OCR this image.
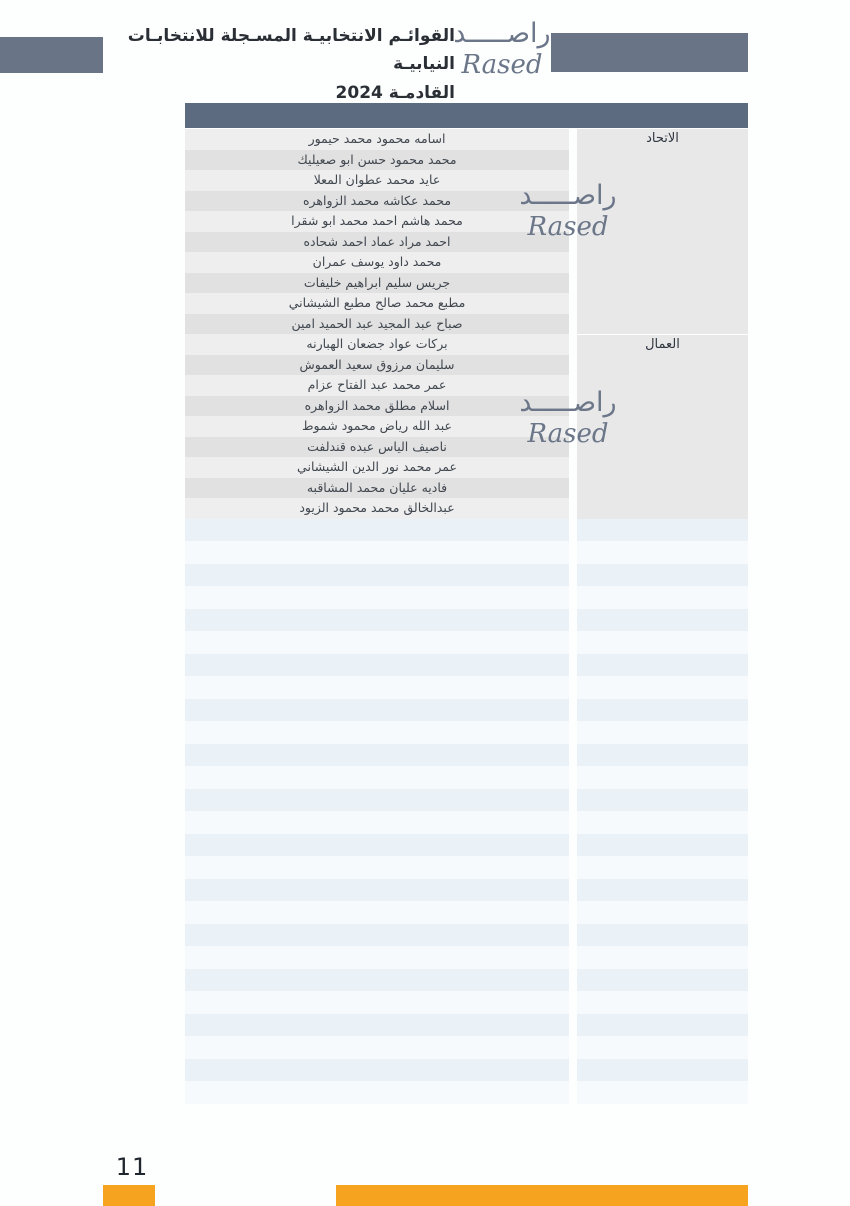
القوائـم الانتخابيـة المسـجلة للانتخابـات النيابيـة
القادمـة 2024
راصـــــد
Rased
اسامه محمود محمد حيمور
محمد محمود حسن ابو صعيليك
عايد محمد عطوان المعلا
محمد عكاشه محمد الزواهره
محمد هاشم احمد محمد ابو شقرا
احمد مراد عماد احمد شحاده
محمد داود يوسف عمران
جريس سليم ابراهيم خليفات
مطبع محمد صالح مطبع الشيشاني
صباح عبد المجيد عبد الحميد امين
بركات عواد جضعان الهبارنه
سليمان مرزوق سعيد العموش
عمر محمد عبد الفتاح عزام
اسلام مطلق محمد الزواهره
عبد الله رياض محمود شموط
ناصيف الياس عبده قندلفت
عمر محمد نور الدين الشيشاني
فاديه عليان محمد المشاقبه
عبدالخالق محمد محمود الزيود
الاتحاد
العمال
راصـــــد
Rased
راصـــــد
Rased
11
